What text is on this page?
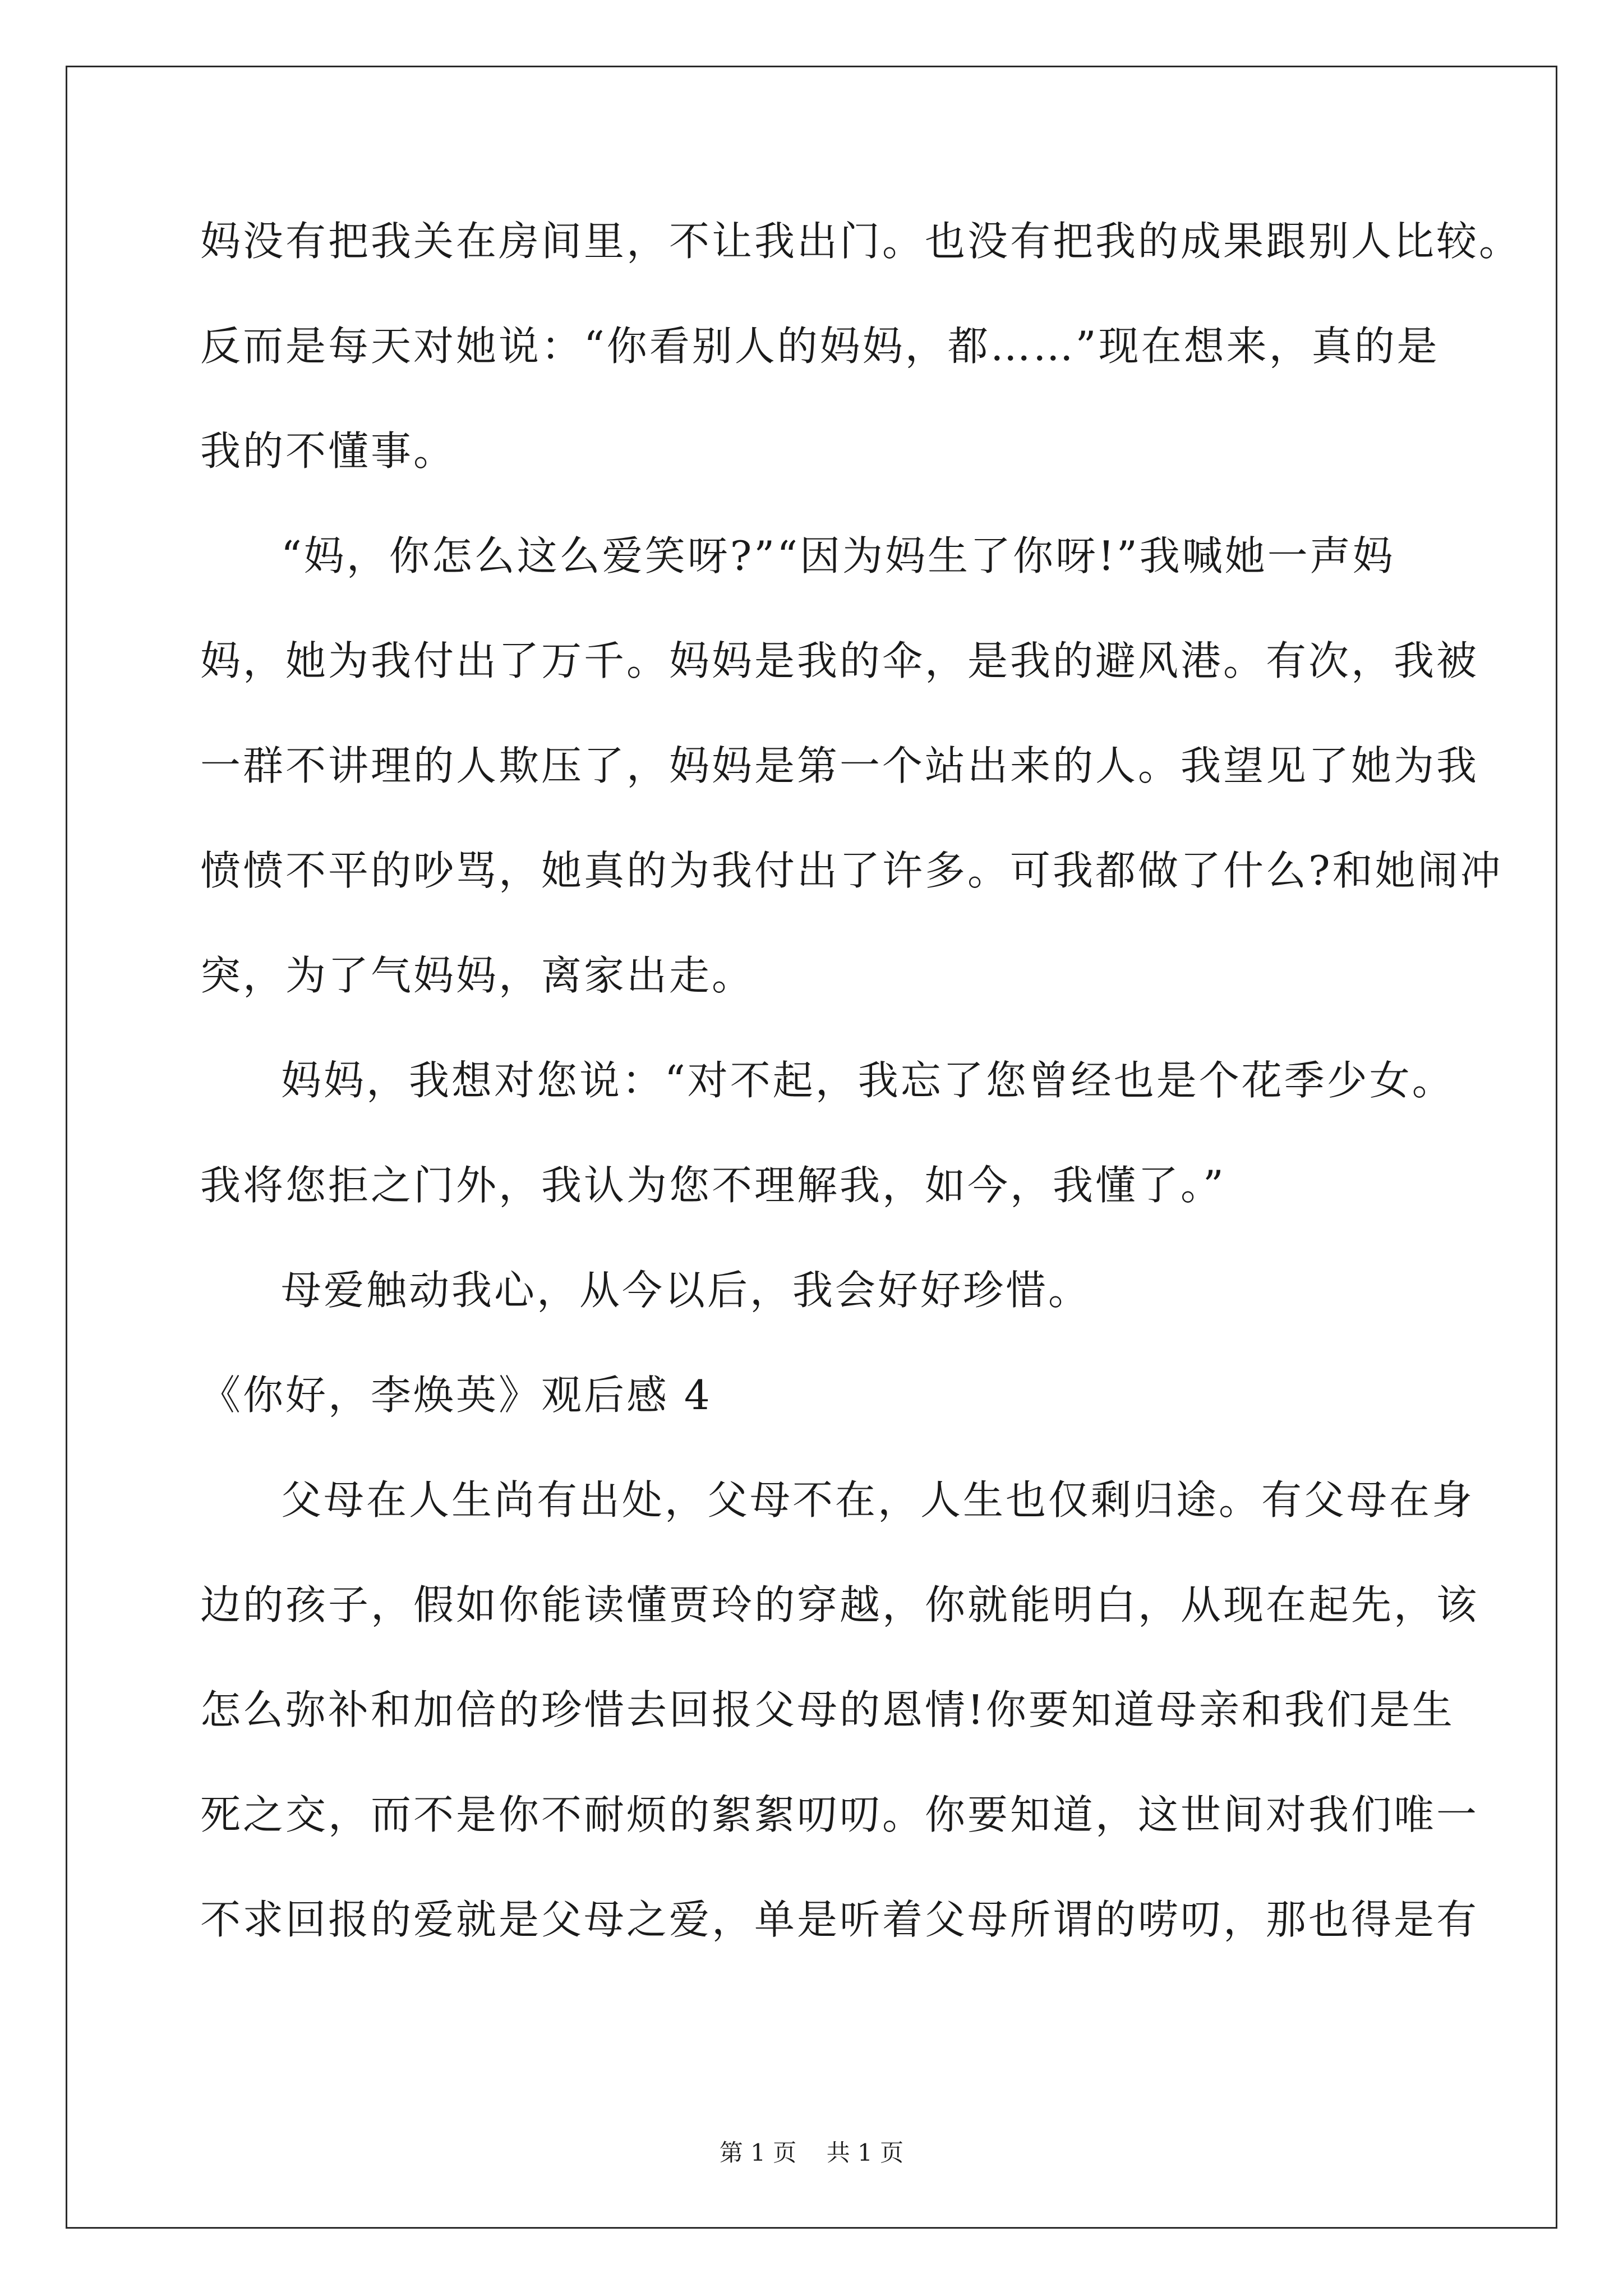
妈没有把我关在房间里，不让我出门。也没有把我的成果跟别人比较。
反而是每天对她说：“你看别人的妈妈，都……”现在想来，真的是
我的不懂事。
“妈，你怎么这么爱笑呀?”“因为妈生了你呀!”我喊她一声妈
妈，她为我付出了万千。妈妈是我的伞，是我的避风港。有次，我被
一群不讲理的人欺压了，妈妈是第一个站出来的人。我望见了她为我
愤愤不平的吵骂，她真的为我付出了许多。可我都做了什么?和她闹冲
突，为了气妈妈，离家出走。
妈妈，我想对您说：“对不起，我忘了您曾经也是个花季少女。
我将您拒之门外，我认为您不理解我，如今，我懂了。”
母爱触动我心，从今以后，我会好好珍惜。
《你好，李焕英》观后感 4
父母在人生尚有出处，父母不在，人生也仅剩归途。有父母在身
边的孩子，假如你能读懂贾玲的穿越，你就能明白，从现在起先，该
怎么弥补和加倍的珍惜去回报父母的恩情!你要知道母亲和我们是生
死之交，而不是你不耐烦的絮絮叨叨。你要知道，这世间对我们唯一
不求回报的爱就是父母之爱，单是听着父母所谓的唠叨，那也得是有
第 1 页    共 1 页
